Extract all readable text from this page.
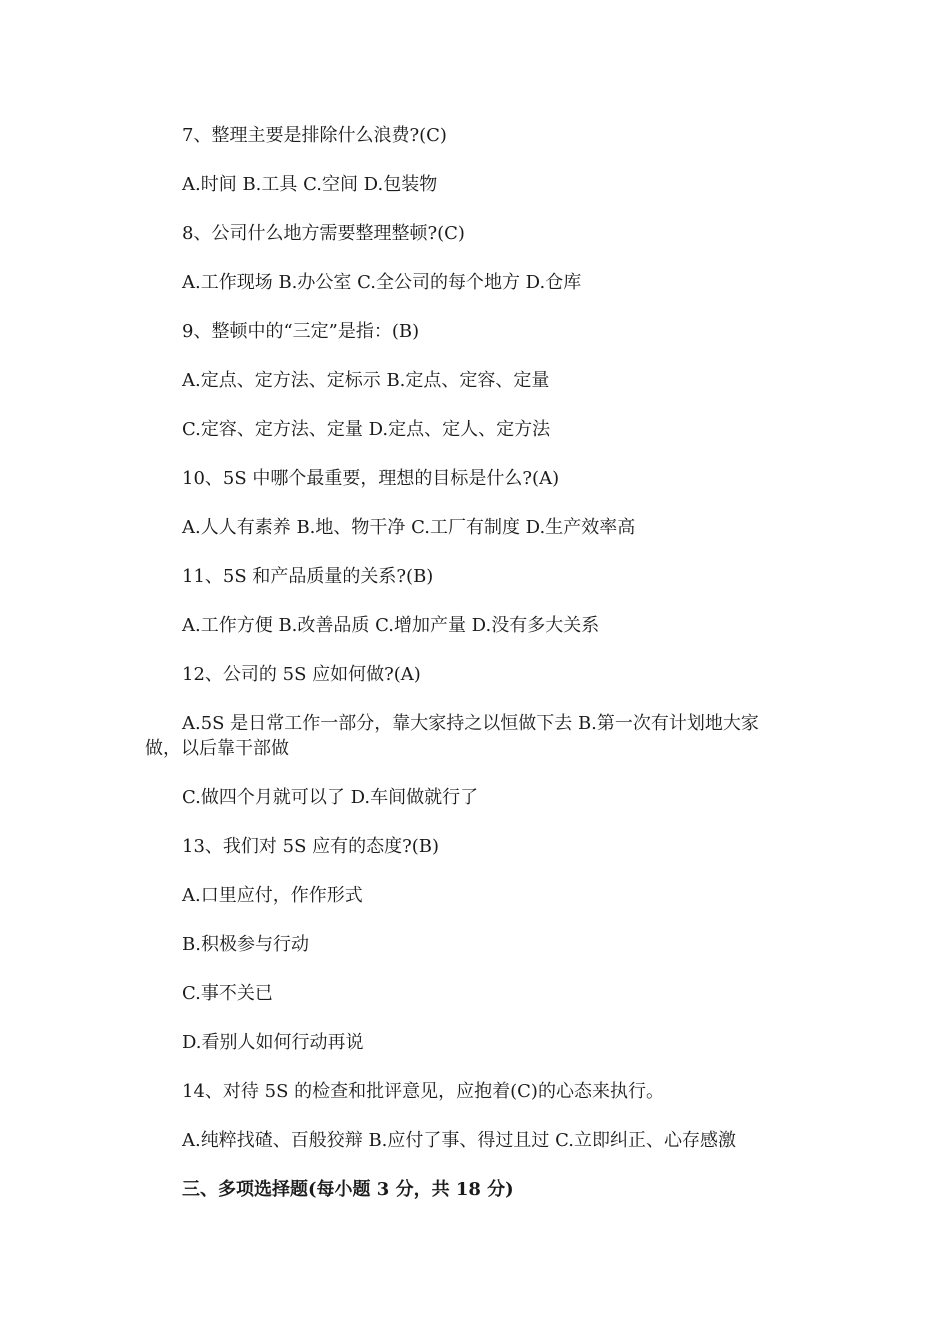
7、整理主要是排除什么浪费?(C)
A.时间 B.工具 C.空间 D.包装物
8、公司什么地方需要整理整顿?(C)
A.工作现场 B.办公室 C.全公司的每个地方 D.仓库
9、整顿中的“三定”是指：(B)
A.定点、定方法、定标示 B.定点、定容、定量
C.定容、定方法、定量 D.定点、定人、定方法
10、5S 中哪个最重要，理想的目标是什么?(A)
A.人人有素养 B.地、物干净 C.工厂有制度 D.生产效率高
11、5S 和产品质量的关系?(B)
A.工作方便 B.改善品质 C.增加产量 D.没有多大关系
12、公司的 5S 应如何做?(A)
A.5S 是日常工作一部分，靠大家持之以恒做下去 B.第一次有计划地大家
做，以后靠干部做
C.做四个月就可以了 D.车间做就行了
13、我们对 5S 应有的态度?(B)
A.口里应付，作作形式
B.积极参与行动
C.事不关已
D.看别人如何行动再说
14、对待 5S 的检查和批评意见，应抱着(C)的心态来执行。
A.纯粹找碴、百般狡辩 B.应付了事、得过且过 C.立即纠正、心存感激
三、多项选择题(每小题 3 分，共 18 分)
